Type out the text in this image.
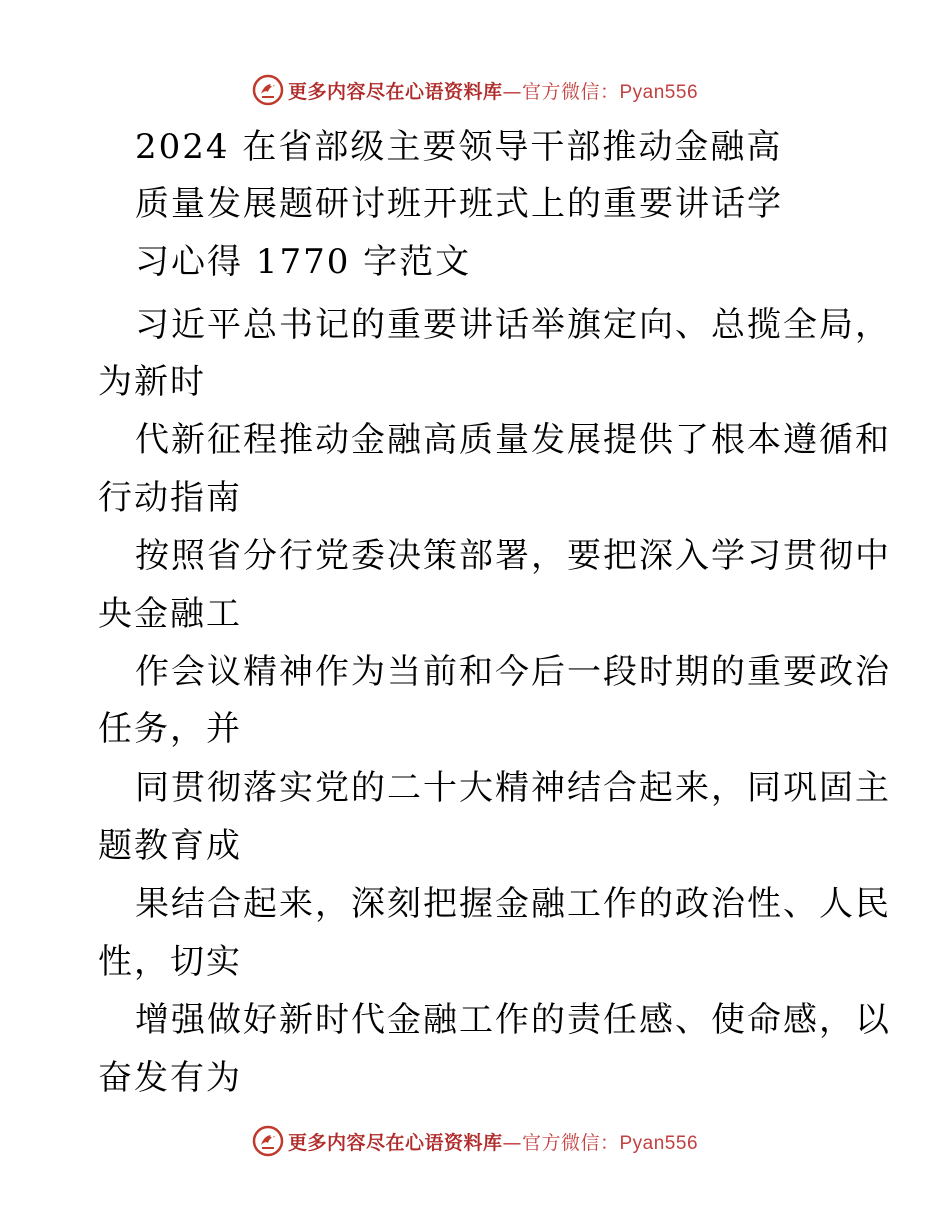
更多内容尽在心语资料库—官方微信：Pyan556
2024 在省部级主要领导干部推动金融高
质量发展题研讨班开班式上的重要讲话学
习心得 1770 字范文
习近平总书记的重要讲话举旗定向、总揽全局，
为新时
代新征程推动金融高质量发展提供了根本遵循和
行动指南
按照省分行党委决策部署，要把深入学习贯彻中
央金融工
作会议精神作为当前和今后一段时期的重要政治
任务，并
同贯彻落实党的二十大精神结合起来，同巩固主
题教育成
果结合起来，深刻把握金融工作的政治性、人民
性，切实
增强做好新时代金融工作的责任感、使命感，以
奋发有为
更多内容尽在心语资料库—官方微信：Pyan556
